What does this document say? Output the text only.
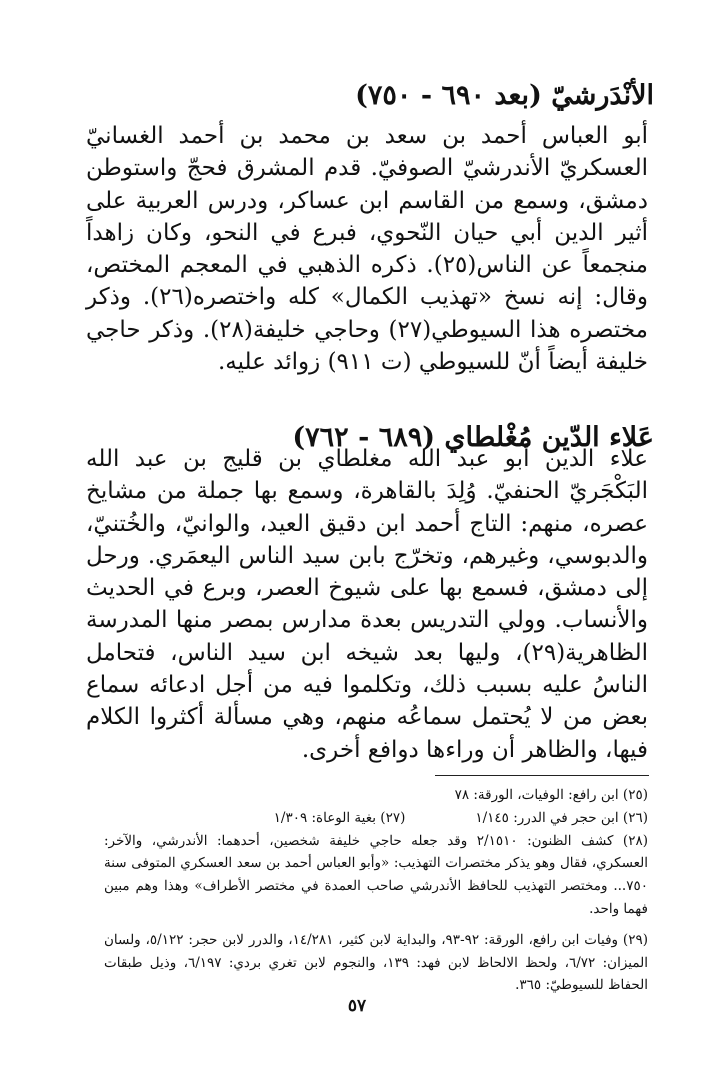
الأنْدَرشيّ (بعد ٦٩٠ - ٧٥٠)

أبو العباس أحمد بن سعد بن محمد بن أحمد الغسانيّ العسكريّ الأندرشيّ الصوفيّ. قدم المشرق فحجّ واستوطن دمشق، وسمع من القاسم ابن عساكر، ودرس العربية على أثير الدين أبي حيان النّحوي، فبرع في النحو، وكان زاهداً منجمعاً عن الناس(٢٥). ذكره الذهبي في المعجم المختص، وقال: إنه نسخ «تهذيب الكمال» كله واختصره(٢٦). وذكر مختصره هذا السيوطي(٢٧) وحاجي خليفة(٢٨). وذكر حاجي خليفة أيضاً أنّ للسيوطي (ت ٩١١) زوائد عليه.

عَلاء الدّين مُغْلطاي (٦٨٩ - ٧٦٢)

علاء الدين أبو عبد الله مغلطاي بن قليج بن عبد الله البَكْجَريّ الحنفيّ. وُلِدَ بالقاهرة، وسمع بها جملة من مشايخ عصره، منهم: التاج أحمد ابن دقيق العيد، والوانيّ، والخُتنيّ، والدبوسي، وغيرهم، وتخرّج بابن سيد الناس اليعمَري. ورحل إلى دمشق، فسمع بها على شيوخ العصر، وبرع في الحديث والأنساب. وولي التدريس بعدة مدارس بمصر منها المدرسة الظاهرية(٢٩)، وليها بعد شيخه ابن سيد الناس، فتحامل الناسُ عليه بسبب ذلك، وتكلموا فيه من أجل ادعائه سماع بعض من لا يُحتمل سماعُه منهم، وهي مسألة أكثروا الكلام فيها، والظاهر أن وراءها دوافع أخرى.

(٢٥) ابن رافع: الوفيات، الورقة: ٧٨

(٢٦) ابن حجر في الدرر: ١/١٤٥
(٢٧) بغية الوعاة: ١/٣٠٩

(٢٨) كشف الظنون: ٢/١٥١٠ وقد جعله حاجي خليفة شخصين، أحدهما: الأندرشي، والآخر: العسكري، فقال وهو يذكر مختصرات التهذيب: «وأبو العباس أحمد بن سعد العسكري المتوفى سنة ٧٥٠... ومختصر التهذيب للحافظ الأندرشي صاحب العمدة في مختصر الأطراف» وهذا وهم مبين فهما واحد.

(٢٩) وفيات ابن رافع، الورقة: ٩٢-٩٣، والبداية لابن كثير، ١٤/٢٨١، والدرر لابن حجر: ٥/١٢٢، ولسان الميزان: ٦/٧٢، ولحظ الالحاظ لابن فهد: ١٣٩، والنجوم لابن تغري بردي: ٦/١٩٧، وذيل طبقات الحفاظ للسيوطيّ: ٣٦٥.

٥٧
